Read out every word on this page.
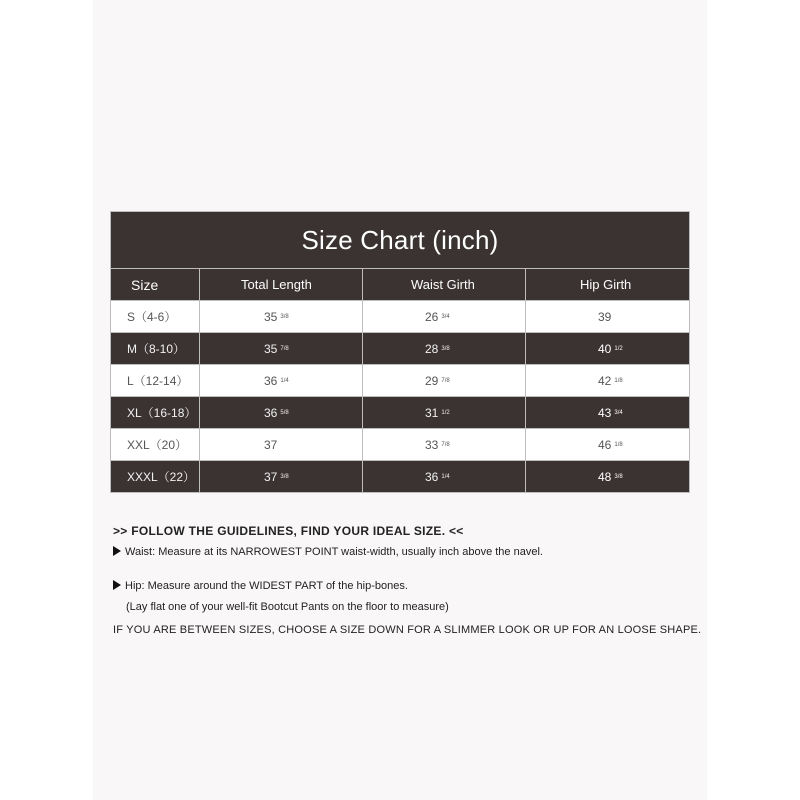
Size Chart (inch)
Size	Total Length	Waist Girth	Hip Girth
S（4-6）	35 3/8	26 3/4	39
M（8-10）	35 7/8	28 3/8	40 1/2
L（12-14）	36 1/4	29 7/8	42 1/8
XL（16-18）	36 5/8	31 1/2	43 3/4
XXL（20）	37	33 7/8	46 1/8
XXXL（22）	37 3/8	36 1/4	48 3/8
>> FOLLOW THE GUIDELINES, FIND YOUR IDEAL SIZE. <<
Waist: Measure at its NARROWEST POINT waist-width, usually inch above the navel.
Hip: Measure around the WIDEST PART of the hip-bones.
(Lay flat one of your well-fit Bootcut Pants on the floor to measure)
IF YOU ARE BETWEEN SIZES, CHOOSE A SIZE DOWN FOR A SLIMMER LOOK OR UP FOR AN LOOSE SHAPE.
